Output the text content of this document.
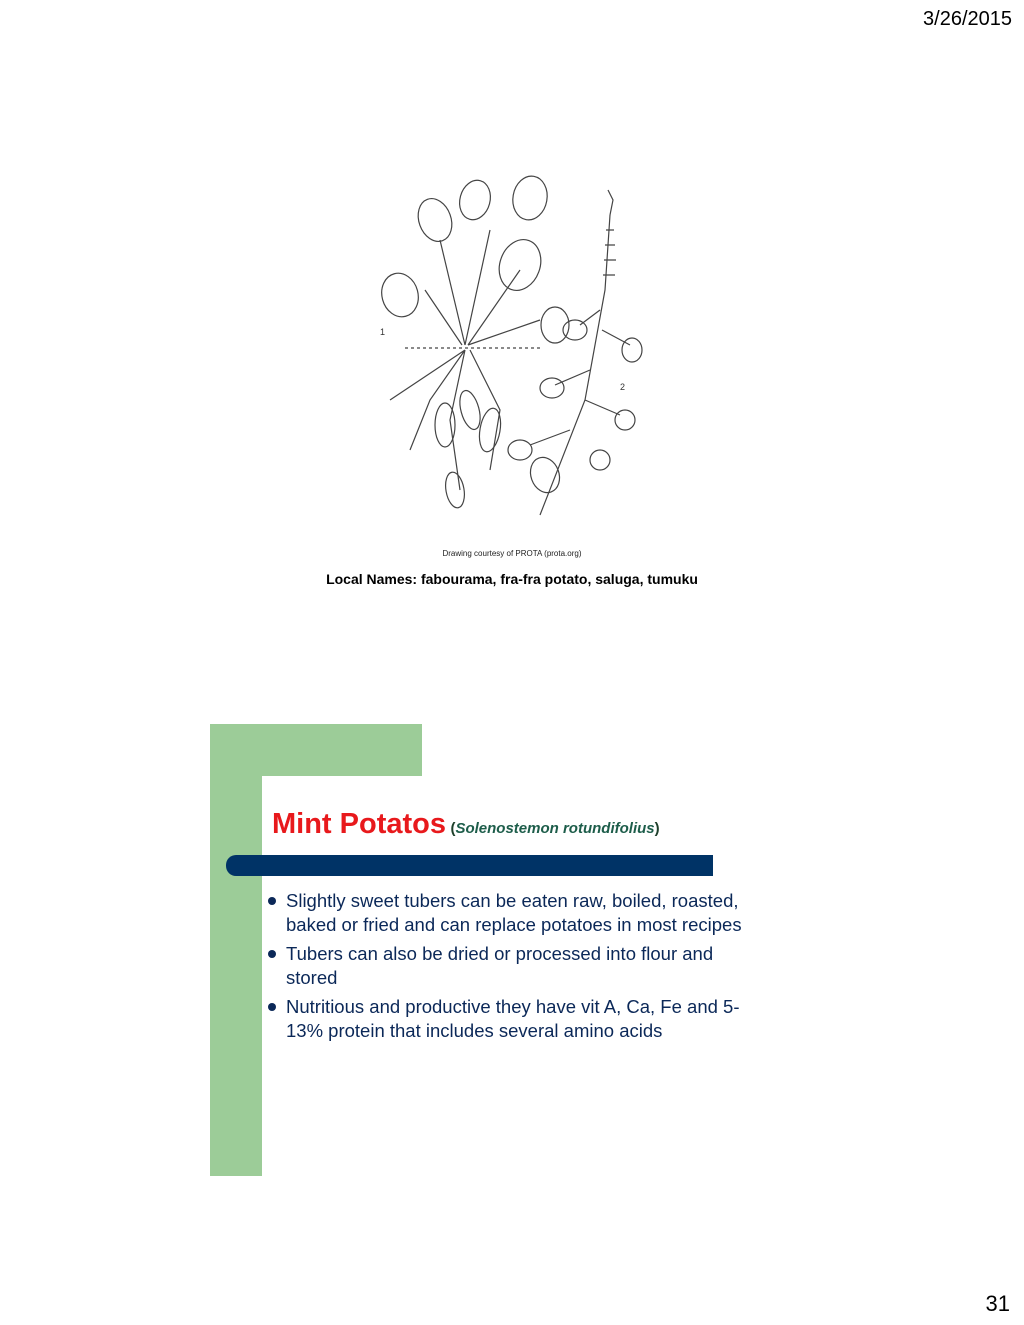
3/26/2015
1
2
Drawing courtesy of PROTA (prota.org)
Local Names: fabourama, fra-fra potato, saluga, tumuku
Mint Potatos (Solenostemon rotundifolius)
Slightly sweet tubers can be eaten raw, boiled, roasted, baked or fried and can replace potatoes in most recipes
Tubers can also be dried or processed into flour and stored
Nutritious and productive they have vit A, Ca, Fe and 5-13% protein that includes several amino acids
31
